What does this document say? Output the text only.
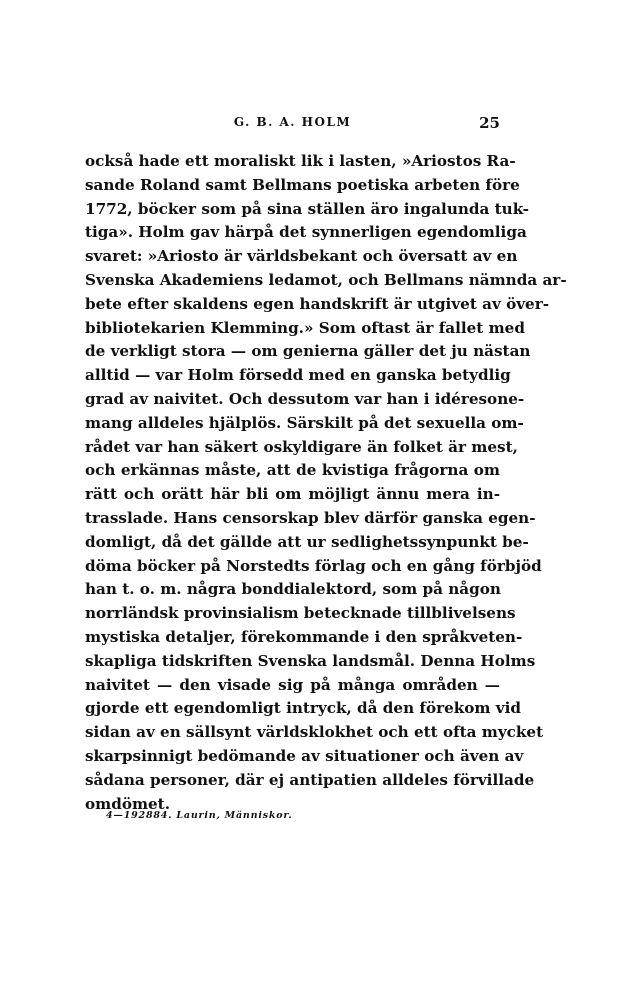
G. B. A. HOLM	25
också hade ett moraliskt lik i lasten, »Ariostos Ra-
sande Roland samt Bellmans poetiska arbeten före
1772, böcker som på sina ställen äro ingalunda tuk-
tiga». Holm gav härpå det synnerligen egendomliga
svaret: »Ariosto är världsbekant och översatt av en
Svenska Akademiens ledamot, och Bellmans nämnda ar-
bete efter skaldens egen handskrift är utgivet av över-
bibliotekarien Klemming.» Som oftast är fallet med
de verkligt stora — om genierna gäller det ju nästan
alltid — var Holm försedd med en ganska betydlig
grad av naivitet. Och dessutom var han i idéresone-
mang alldeles hjälplös. Särskilt på det sexuella om-
rådet var han säkert oskyldigare än folket är mest,
och erkännas måste, att de kvistiga frågorna om
rätt och orätt här bli om möjligt ännu mera in-
trasslade. Hans censorskap blev därför ganska egen-
domligt, då det gällde att ur sedlighetssynpunkt be-
döma böcker på Norstedts förlag och en gång förbjöd
han t. o. m. några bonddialektord, som på någon
norrländsk provinsialism betecknade tillblivelsens
mystiska detaljer, förekommande i den språkveten-
skapliga tidskriften Svenska landsmål. Denna Holms
naivitet — den visade sig på många områden —
gjorde ett egendomligt intryck, då den förekom vid
sidan av en sällsynt världsklokhet och ett ofta mycket
skarpsinnigt bedömande av situationer och även av
sådana personer, där ej antipatien alldeles förvillade
omdömet.
4—192884. Laurin, Människor.
